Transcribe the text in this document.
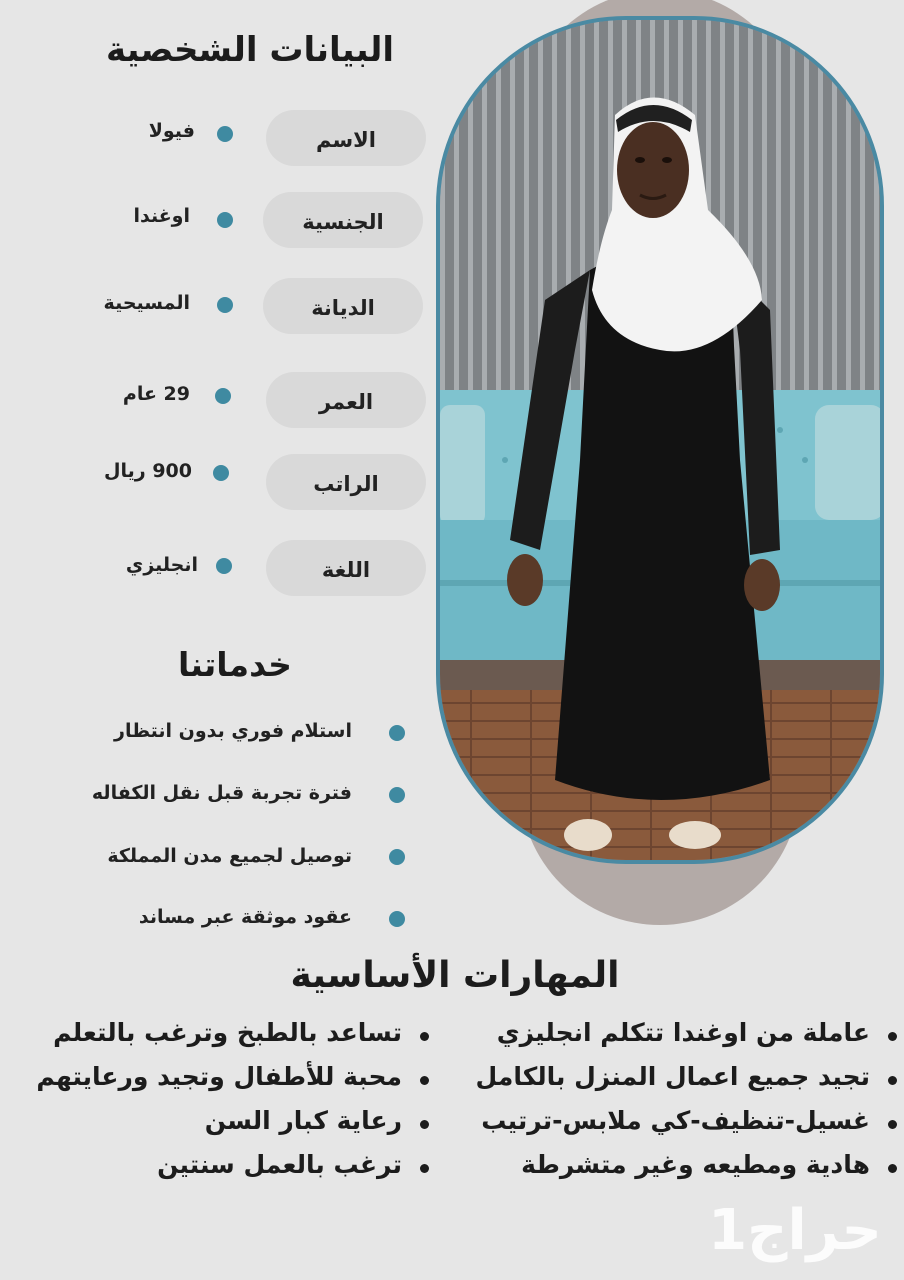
البيانات الشخصية
الاسم
فيولا
الجنسية
اوغندا
الديانة
المسيحية
العمر
29 عام
الراتب
900 ريال
اللغة
انجليزي
خدماتنا
استلام فوري بدون انتظار
فترة تجربة قبل نقل الكفاله
توصيل لجميع مدن المملكة
عقود موثقة عبر مساند
المهارات الأساسية
عاملة من اوغندا تتكلم انجليزي
تجيد جميع اعمال المنزل بالكامل
غسيل-تنظيف-كي ملابس-ترتيب
هادية ومطيعه وغير متشرطة
تساعد بالطبخ وترغب بالتعلم
محبة للأطفال وتجيد ورعايتهم
رعاية كبار السن
ترغب بالعمل سنتين
حراج1
